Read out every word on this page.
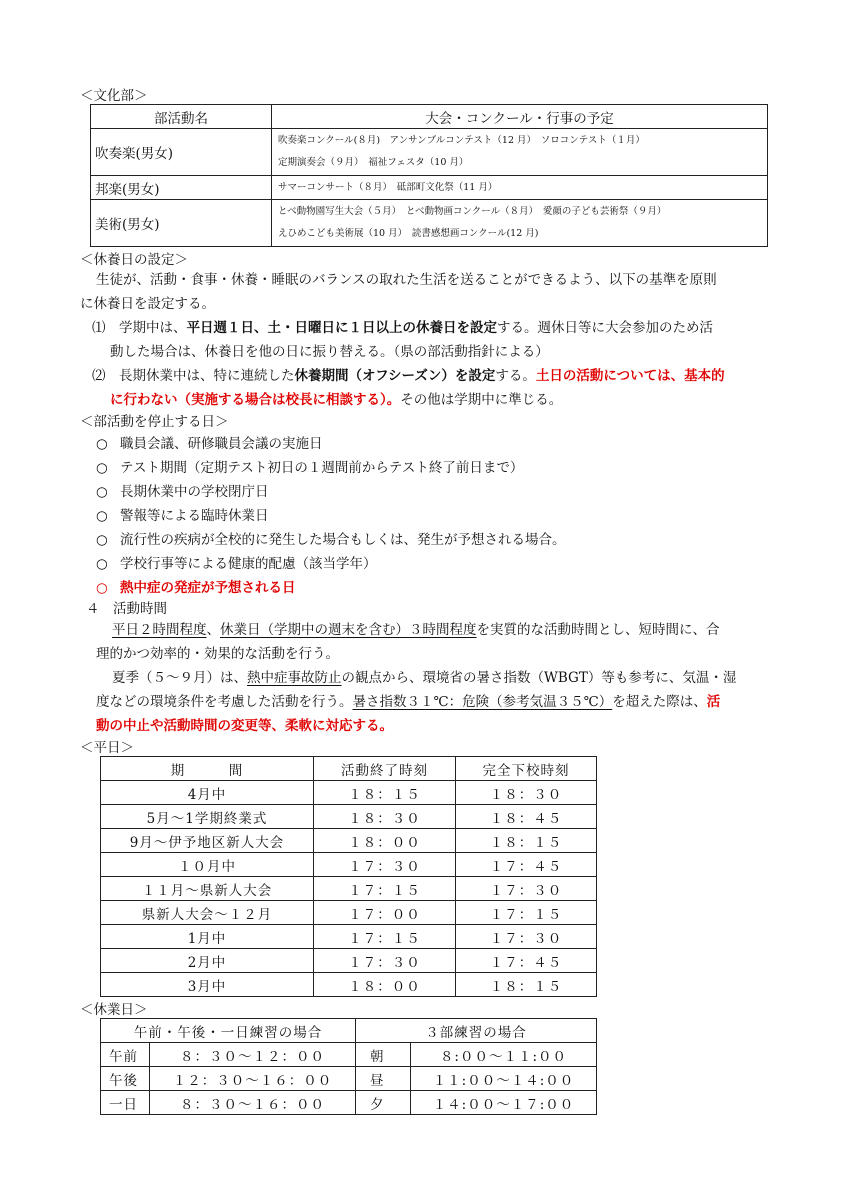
＜文化部＞
部活動名	大会・コンクール・行事の予定
吹奏楽(男女)	吹奏楽コンクール(８月)　アンサンブルコンテスト（12 月）　ソロコンテスト（１月）
定期演奏会（９月）　福祉フェスタ（10 月）

邦楽(男女)	サマーコンサート（８月）　砥部町文化祭（11 月）

美術(男女)	とべ動物園写生大会（５月）　とべ動物画コンクール（８月）　愛顔の子ども芸術祭（９月）
えひめこども美術展（10 月）　読書感想画コンクール(12 月)
＜休養日の設定＞
生徒が、活動・食事・休養・睡眠のバランスの取れた生活を送ることができるよう、以下の基準を原則
に休養日を設定する。
⑴　 学期中は、平日週１日、土・日曜日に１日以上の休養日を設定する。週休日等に大会参加のため活
動した場合は、休養日を他の日に振り替える。（県の部活動指針による）
⑵　 長期休業中は、特に連続した休養期間（オフシーズン）を設定する。土日の活動については、基本的
に行わない（実施する場合は校長に相談する）。その他は学期中に準じる。
＜部活動を停止する日＞
○ 職員会議、研修職員会議の実施日
○ テスト期間（定期テスト初日の１週間前からテスト終了前日まで）
○ 長期休業中の学校閉庁日
○ 警報等による臨時休業日
○ 流行性の疾病が全校的に発生した場合もしくは、発生が予想される場合。
○ 学校行事等による健康的配慮（該当学年）
○ 熱中症の発症が予想される日
４　活動時間
平日２時間程度、休業日（学期中の週末を含む）３時間程度を実質的な活動時間とし、短時間に、合
理的かつ効率的・効果的な活動を行う。
夏季（５～９月）は、熱中症事故防止の観点から、環境省の暑さ指数（WBGT）等も参考に、気温・湿
度などの環境条件を考慮した活動を行う。暑さ指数３１℃：危険（参考気温３５℃）を超えた際は、活
動の中止や活動時間の変更等、柔軟に対応する。
＜平日＞
期　　　間	活動終了時刻	完全下校時刻
4月中	１８：１５	１８：３０
5月～1学期終業式	１８：３０	１８：４５
9月～伊予地区新人大会	１８：００	１８：１５
１０月中	１７：３０	１７：４５
１１月～県新人大会	１７：１５	１７：３０
県新人大会～１２月	１７：００	１７：１５
1月中	１７：１５	１７：３０
2月中	１７：３０	１７：４５
3月中	１８：００	１８：１５
＜休業日＞
午前・午後・一日練習の場合		３部練習の場合	
午前	８：３０～１２：００	朝	８:００～１１:００
午後	１２：３０～１６：００	昼	１１:００～１４:００
一日	８：３０～１６：００	夕	１４:００～１７:００
